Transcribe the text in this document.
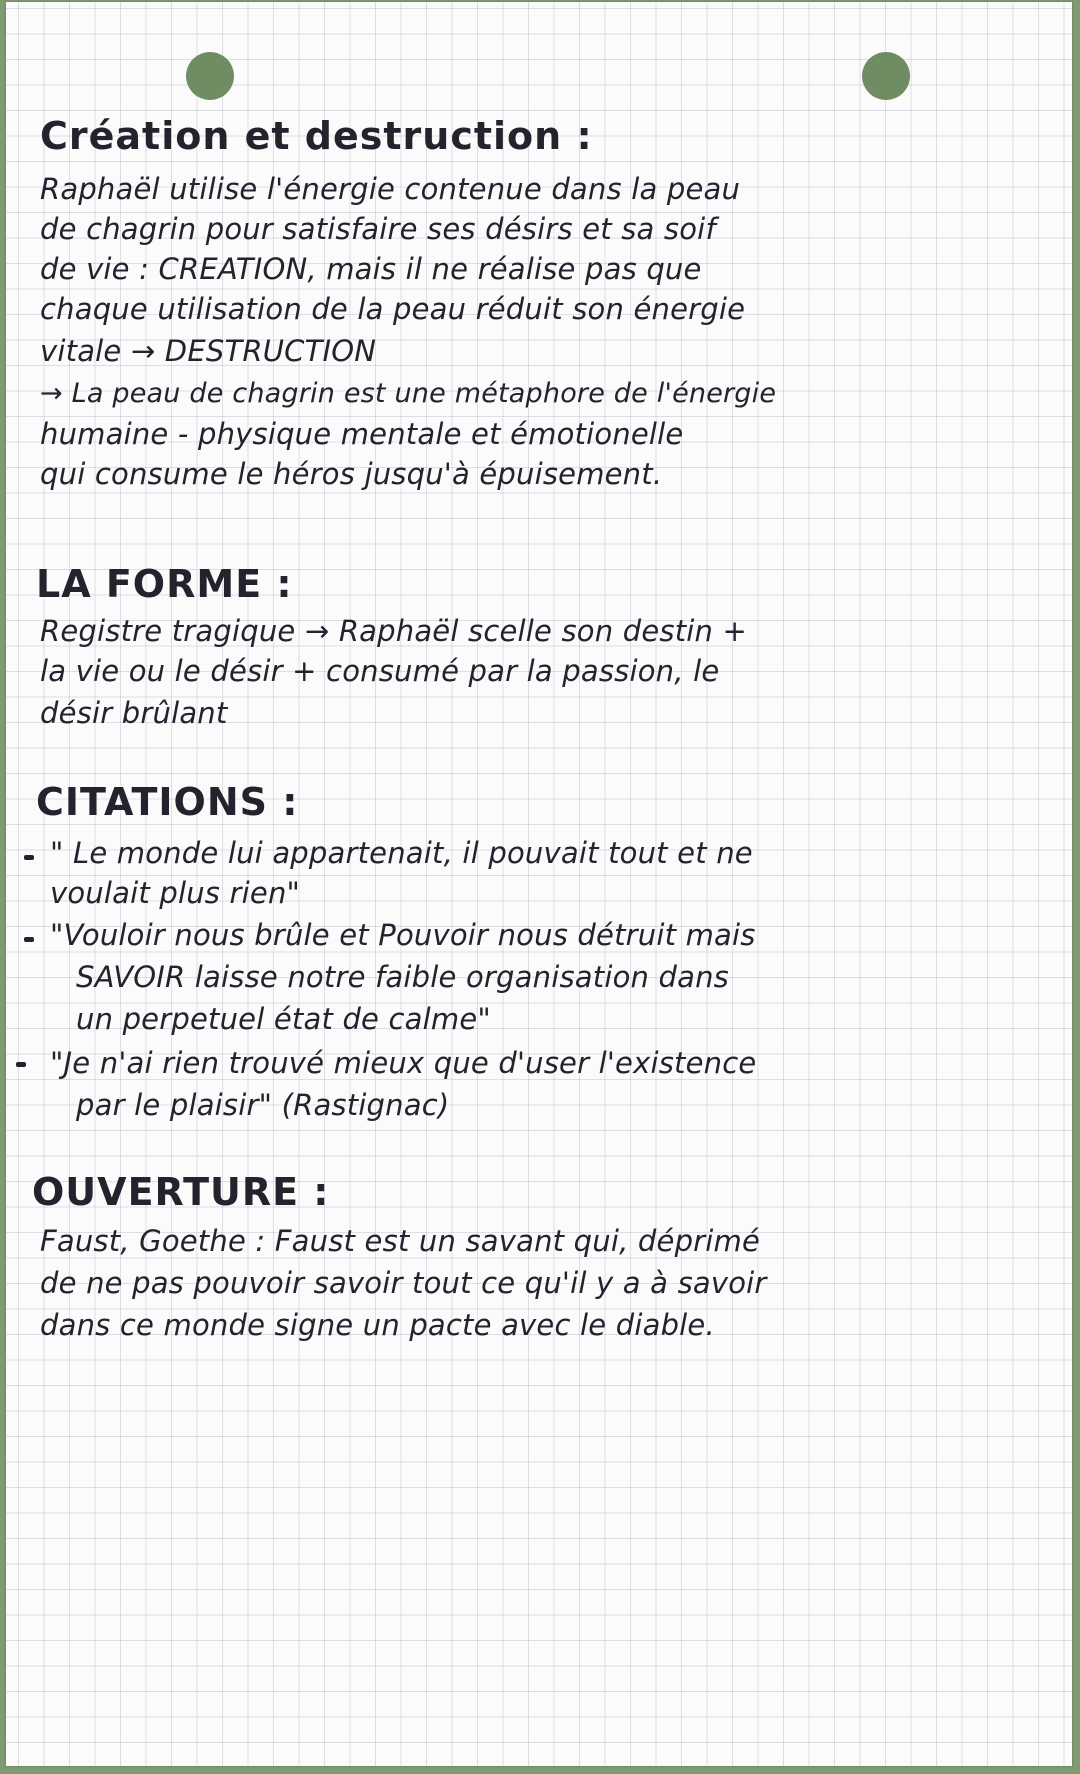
Création et destruction :
Raphaël utilise l'énergie contenue dans la peau
de chagrin pour satisfaire ses désirs et sa soif
de vie : CREATION, mais il ne réalise pas que
chaque utilisation de la peau réduit son énergie
vitale → DESTRUCTION
→ La peau de chagrin est une métaphore de l'énergie
humaine - physique mentale et émotionelle
qui consume le héros jusqu'à épuisement.
LA FORME :
Registre tragique → Raphaël scelle son destin +
la vie ou le désir + consumé par la passion, le
désir brûlant
CITATIONS :
" Le monde lui appartenait, il pouvait tout et ne
voulait plus rien"
"Vouloir nous brûle et Pouvoir nous détruit mais
SAVOIR laisse notre faible organisation dans
un perpetuel état de calme"
"Je n'ai rien trouvé mieux que d'user l'existence
par le plaisir" (Rastignac)
OUVERTURE :
Faust, Goethe : Faust est un savant qui, déprimé
de ne pas pouvoir savoir tout ce qu'il y a à savoir
dans ce monde signe un pacte avec le diable.
